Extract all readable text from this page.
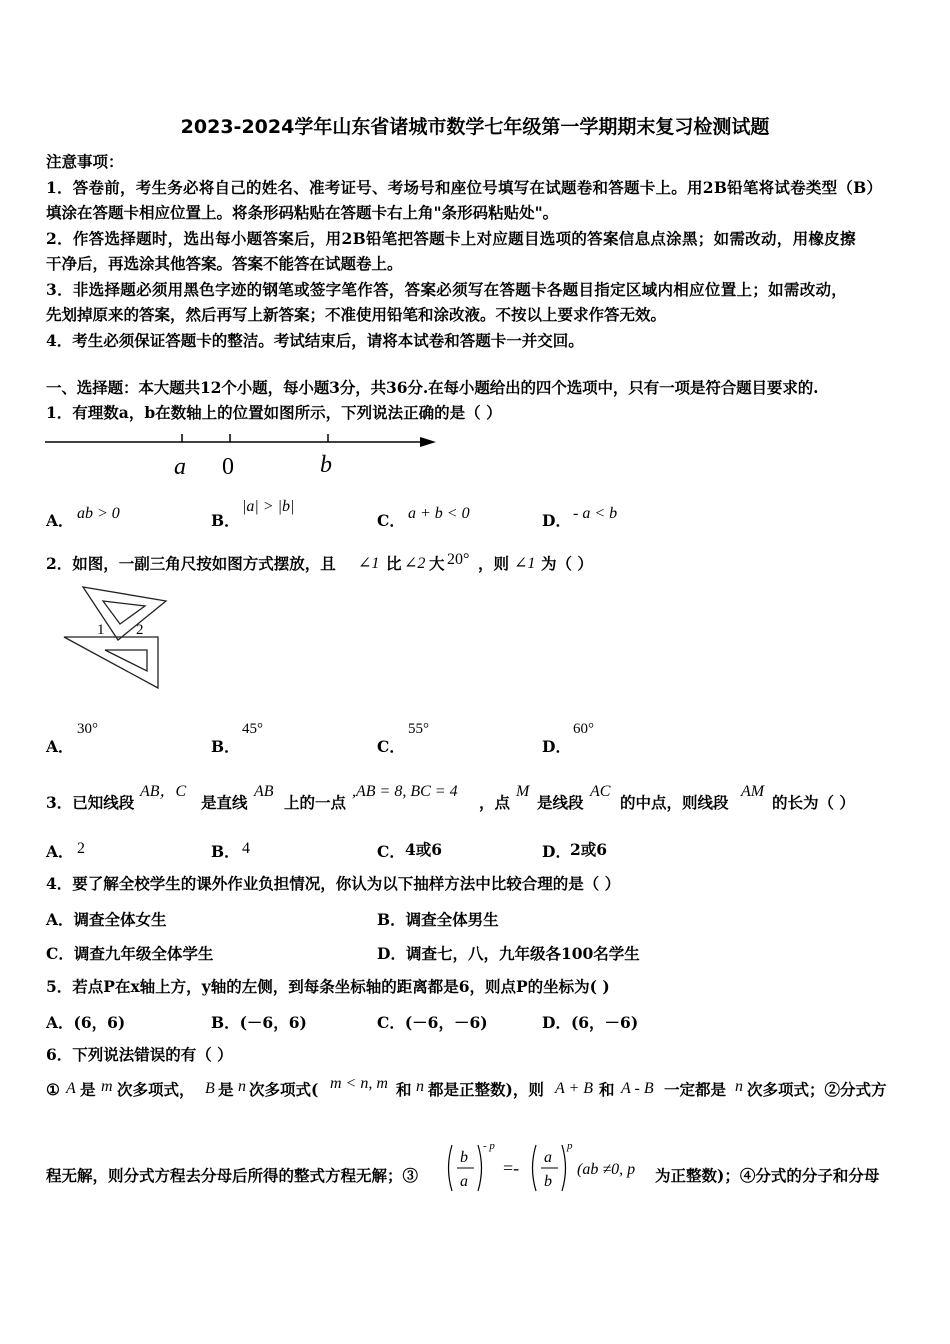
2023-2024学年山东省诸城市数学七年级第一学期期末复习检测试题
注意事项：
1．答卷前，考生务必将自己的姓名、准考证号、考场号和座位号填写在试题卷和答题卡上。用2B铅笔将试卷类型（B）
填涂在答题卡相应位置上。将条形码粘贴在答题卡右上角"条形码粘贴处"。
2．作答选择题时，选出每小题答案后，用2B铅笔把答题卡上对应题目选项的答案信息点涂黑；如需改动，用橡皮擦
干净后，再选涂其他答案。答案不能答在试题卷上。
3．非选择题必须用黑色字迹的钢笔或签字笔作答，答案必须写在答题卡各题目指定区域内相应位置上；如需改动，
先划掉原来的答案，然后再写上新答案；不准使用铅笔和涂改液。不按以上要求作答无效。
4．考生必须保证答题卡的整洁。考试结束后，请将本试卷和答题卡一并交回。
一、选择题：本大题共12个小题，每小题3分，共36分.在每小题给出的四个选项中，只有一项是符合题目要求的.
1．有理数a，b在数轴上的位置如图所示，下列说法正确的是（ ）
a 0	b
A． ab > 0	B．
|a| > |b|
C． a + b < 0	D． - a < b
2．如图，一副三角尺按如图方式摆放，且 ∠1 比 ∠2 大 20° ，则 ∠1 为（ ）
1 2
A．
30°
B．
45°
C．
55°
D．
60°
3．已知线段
AB，C
是直线
AB
上的一点
,AB = 8, BC = 4
，点
M
是线段
AC
的中点，则线段
AM
的长为（ ）
A． 2	B． 4	C． 4或6	D． 2或6
4．要了解全校学生的课外作业负担情况，你认为以下抽样方法中比较合理的是（ ）
A．调查全体女生	B．调查全体男生
C．调查九年级全体学生	D．调查七，八，九年级各100名学生
5．若点P在x轴上方，y轴的左侧，到每条坐标轴的距离都是6，则点P的坐标为( )
A．(6，6)	B．(－6，6)	C．(－6，－6)	D．(6，－6)
6．下列说法错误的有（ ）
① A 是 m 次多项式， B 是 n 次多项式( m < n, m 和 n 都是正整数)，则 A + B 和 A - B 一定都是 n 次多项式；②分式方
程无解，则分式方程去分母后所得的整式方程无解；③
b
a
- p
=-
a
b
p
(ab ≠0, p 为正整数)；④分式的分子和分母
